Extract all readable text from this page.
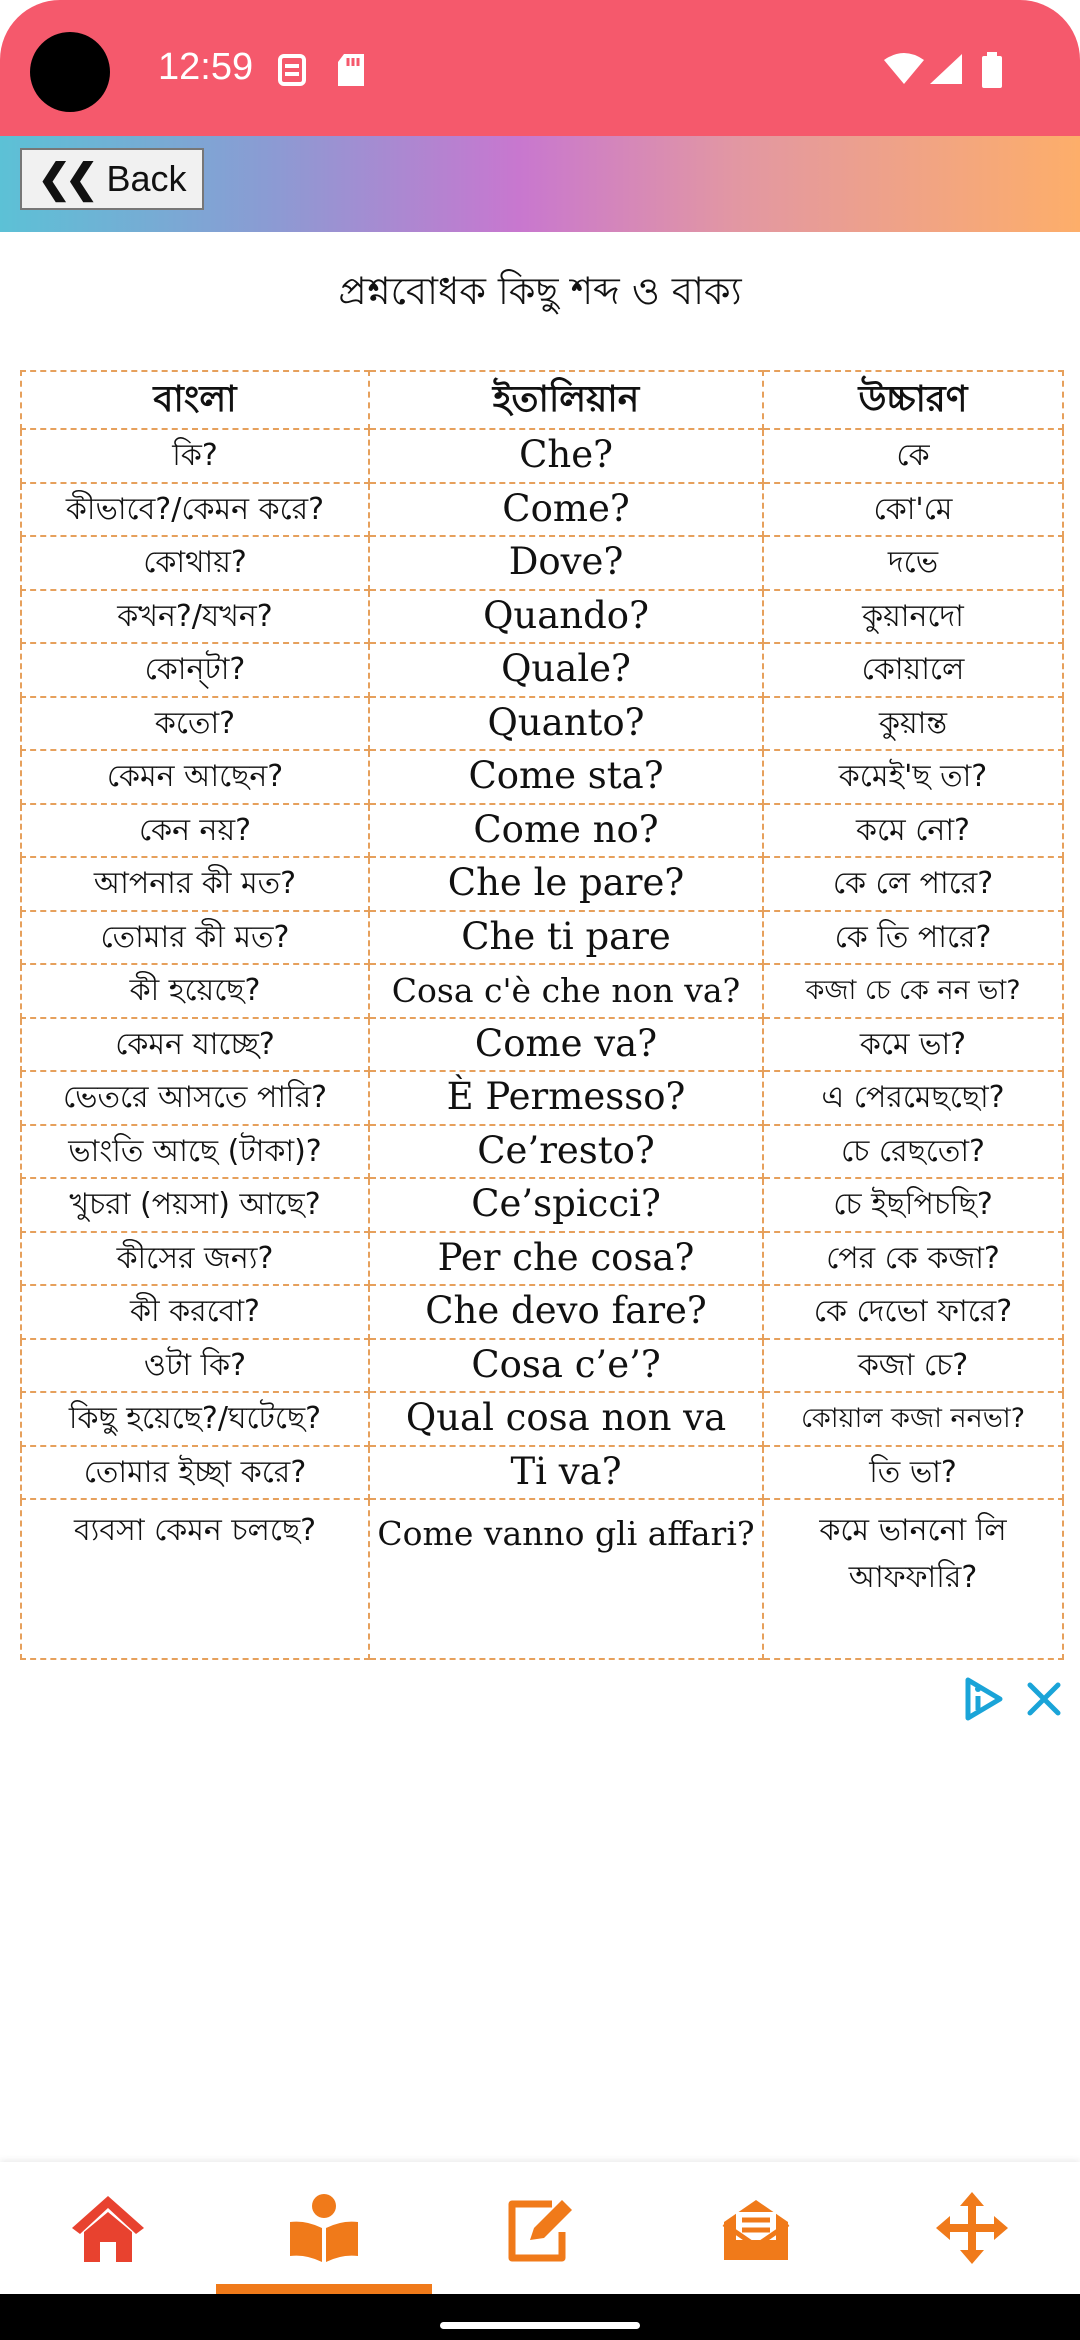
12:59
❮❮ Back
প্রশ্নবোধক কিছু শব্দ ও বাক্য
বাংলা	ইতালিয়ান	উচ্চারণ
কি?	Che?	কে
কীভাবে?/কেমন করে?	Come?	কো'মে
কোথায়?	Dove?	দভে
কখন?/যখন?	Quando?	কুয়ানদো
কোন্‌টা?	Quale?	কোয়ালে
কতো?	Quanto?	কুয়ান্ত
কেমন আছেন?	Come sta?	কমেই'ছ তা?
কেন নয়?	Come no?	কমে নো?
আপনার কী মত?	Che le pare?	কে লে পারে?
তোমার কী মত?	Che ti pare	কে তি পারে?
কী হয়েছে?	Cosa c'è che non va?	কজা চে কে নন ভা?
কেমন যাচ্ছে?	Come va?	কমে ভা?
ভেতরে আসতে পারি?	È Permesso?	এ পেরমেছছো?
ভাংতি আছে (টাকা)?	Ce’resto?	চে রেছতো?
খুচরা (পয়সা) আছে?	Ce’spicci?	চে ইছপিচছি?
কীসের জন্য?	Per che cosa?	পের কে কজা?
কী করবো?	Che devo fare?	কে দেভো ফারে?
ওটা কি?	Cosa c’e’?	কজা চে?
কিছু হয়েছে?/ঘটেছে?	Qual cosa non va	কোয়াল কজা ননভা?
তোমার ইচ্ছা করে?	Ti va?	তি ভা?
ব্যবসা কেমন চলছে?	Come vanno gli affari?	কমে ভাননো লি আফফারি?
